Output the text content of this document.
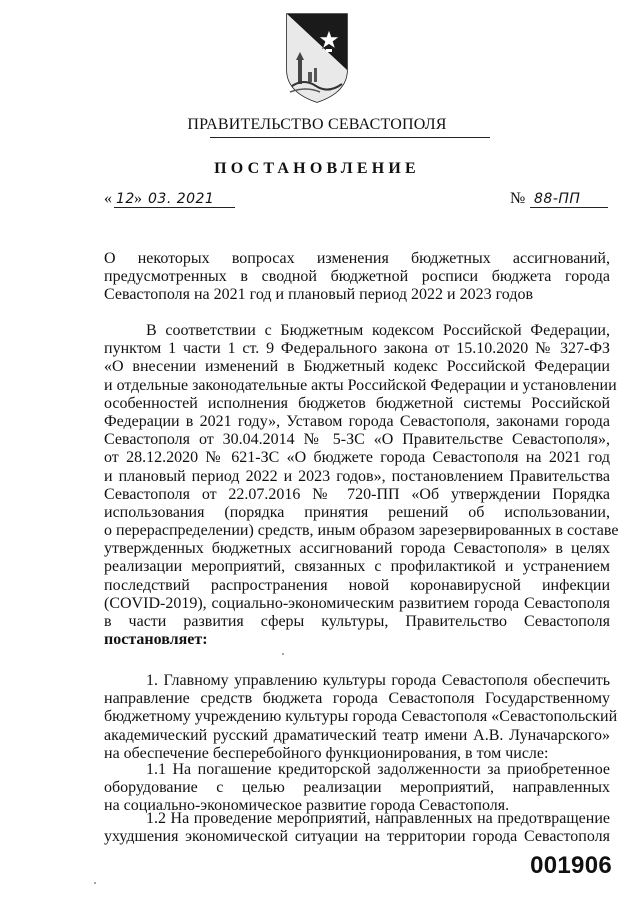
ПРАВИТЕЛЬСТВО СЕВАСТОПОЛЯ
ПОСТАНОВЛЕНИЕ
« 12 » 03. 2021	№ 88-ПП
О некоторых вопросах изменения бюджетных ассигнований,
предусмотренных в сводной бюджетной росписи бюджета города
Севастополя на 2021 год и плановый период 2022 и 2023 годов
В соответствии с Бюджетным кодексом Российской Федерации,
пунктом 1 части 1 ст. 9 Федерального закона от 15.10.2020 № 327-ФЗ
«О внесении изменений в Бюджетный кодекс Российской Федерации
и отдельные законодательные акты Российской Федерации и установлении
особенностей исполнения бюджетов бюджетной системы Российской
Федерации в 2021 году», Уставом города Севастополя, законами города
Севастополя от 30.04.2014 № 5-ЗС «О Правительстве Севастополя»,
от 28.12.2020 № 621-ЗС «О бюджете города Севастополя на 2021 год
и плановый период 2022 и 2023 годов», постановлением Правительства
Севастополя от 22.07.2016 № 720-ПП «Об утверждении Порядка
использования (порядка принятия решений об использовании,
о перераспределении) средств, иным образом зарезервированных в составе
утвержденных бюджетных ассигнований города Севастополя» в целях
реализации мероприятий, связанных с профилактикой и устранением
последствий распространения новой коронавирусной инфекции
(COVID-2019), социально-экономическим развитием города Севастополя
в части развития сферы культуры, Правительство Севастополя
постановляет:
1. Главному управлению культуры города Севастополя обеспечить
направление средств бюджета города Севастополя Государственному
бюджетному учреждению культуры города Севастополя «Севастопольский
академический русский драматический театр имени А.В. Луначарского»
на обеспечение бесперебойного функционирования, в том числе:
1.1 На погашение кредиторской задолженности за приобретенное
оборудование с целью реализации мероприятий, направленных
на социально-экономическое развитие города Севастополя.
1.2 На проведение мероприятий, направленных на предотвращение
ухудшения экономической ситуации на территории города Севастополя
001906
